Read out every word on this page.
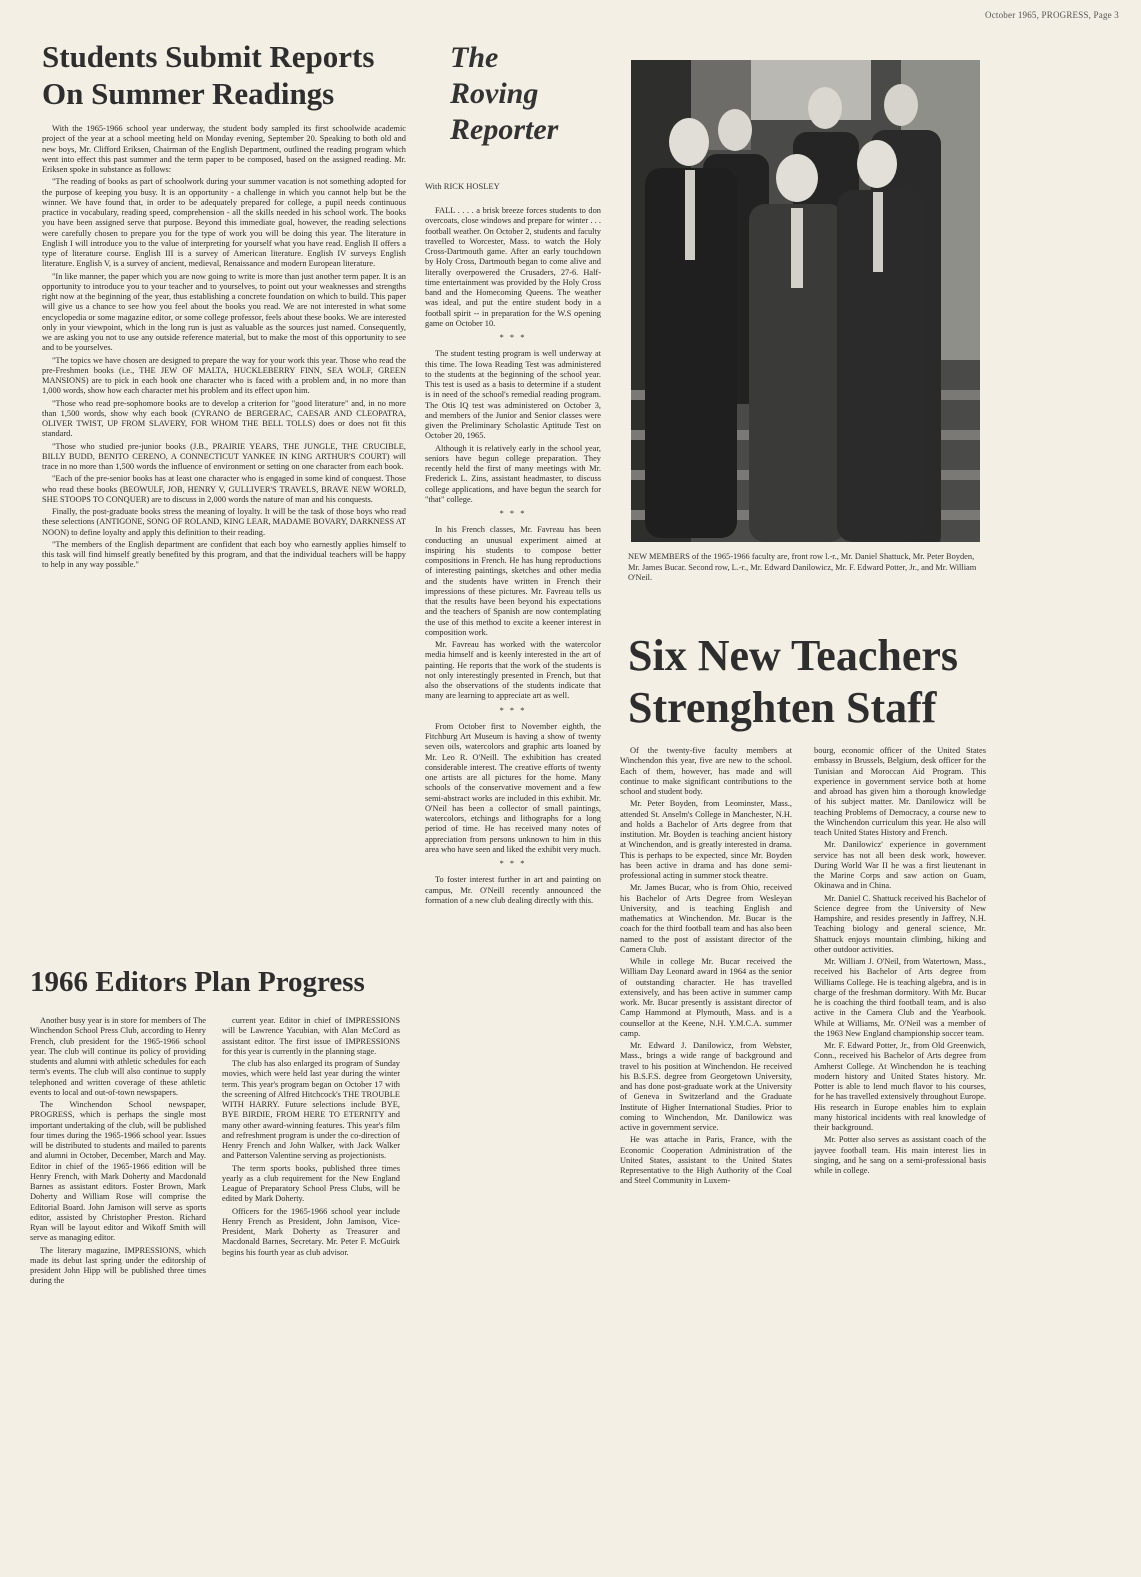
October 1965, PROGRESS, Page 3
Students Submit Reports
On Summer Readings

With the 1965-1966 school year underway, the student body sampled its first schoolwide academic project of the year at a school meeting held on Monday evening, September 20. Speaking to both old and new boys, Mr. Clifford Eriksen, Chairman of the English Department, outlined the reading program which went into effect this past summer and the term paper to be composed, based on the assigned reading. Mr. Eriksen spoke in substance as follows:

"The reading of books as part of schoolwork during your summer vacation is not something adopted for the purpose of keeping you busy. It is an opportunity - a challenge in which you cannot help but be the winner. We have found that, in order to be adequately prepared for college, a pupil needs continuous practice in vocabulary, reading speed, comprehension - all the skills needed in his school work. The books you have been assigned serve that purpose. Beyond this immediate goal, however, the reading selections were carefully chosen to prepare you for the type of work you will be doing this year. The literature in English I will introduce you to the value of interpreting for yourself what you have read. English II offers a type of literature course. English III is a survey of American literature. English IV surveys English literature. English V, is a survey of ancient, medieval, Renaissance and modern European literature.

"In like manner, the paper which you are now going to write is more than just another term paper. It is an opportunity to introduce you to your teacher and to yourselves, to point out your weaknesses and strengths right now at the beginning of the year, thus establishing a concrete foundation on which to build. This paper will give us a chance to see how you feel about the books you read. We are not interested in what some encyclopedia or some magazine editor, or some college professor, feels about these books. We are interested only in your viewpoint, which in the long run is just as valuable as the sources just named. Consequently, we are asking you not to use any outside reference material, but to make the most of this opportunity to see and to be yourselves.

"The topics we have chosen are designed to prepare the way for your work this year. Those who read the pre-Freshmen books (i.e., THE JEW OF MALTA, HUCKLEBERRY FINN, SEA WOLF, GREEN MANSIONS) are to pick in each book one character who is faced with a problem and, in no more than 1,000 words, show how each character met his problem and its effect upon him.

"Those who read pre-sophomore books are to develop a criterion for "good literature" and, in no more than 1,500 words, show why each book (CYRANO de BERGERAC, CAESAR AND CLEOPATRA, OLIVER TWIST, UP FROM SLAVERY, FOR WHOM THE BELL TOLLS) does or does not fit this standard.

"Those who studied pre-junior books (J.B., PRAIRIE YEARS, THE JUNGLE, THE CRUCIBLE, BILLY BUDD, BENITO CERENO, A CONNECTICUT YANKEE IN KING ARTHUR'S COURT) will trace in no more than 1,500 words the influence of environment or setting on one character from each book.

"Each of the pre-senior books has at least one character who is engaged in some kind of conquest. Those who read these books (BEOWULF, JOB, HENRY V, GULLIVER'S TRAVELS, BRAVE NEW WORLD, SHE STOOPS TO CONQUER) are to discuss in 2,000 words the nature of man and his conquests.

Finally, the post-graduate books stress the meaning of loyalty. It will be the task of those boys who read these selections (ANTIGONE, SONG OF ROLAND, KING LEAR, MADAME BOVARY, DARKNESS AT NOON) to define loyalty and apply this definition to their reading.

"The members of the English department are confident that each boy who earnestly applies himself to this task will find himself greatly benefited by this program, and that the individual teachers will be happy to help in any way possible."

The
Roving
Reporter
With RICK HOSLEY

FALL . . . . a brisk breeze forces students to don overcoats, close windows and prepare for winter . . . football weather. On October 2, students and faculty travelled to Worcester, Mass. to watch the Holy Cross-Dartmouth game. After an early touchdown by Holy Cross, Dartmouth began to come alive and literally overpowered the Crusaders, 27-6. Half-time entertainment was provided by the Holy Cross band and the Homecoming Queens. The weather was ideal, and put the entire student body in a football spirit -- in preparation for the W.S opening game on October 10.

* * *

The student testing program is well underway at this time. The Iowa Reading Test was administered to the students at the beginning of the school year. This test is used as a basis to determine if a student is in need of the school's remedial reading program. The Otis IQ test was administered on October 3, and members of the Junior and Senior classes were given the Preliminary Scholastic Aptitude Test on October 20, 1965.

Although it is relatively early in the school year, seniors have begun college preparation. They recently held the first of many meetings with Mr. Frederick L. Zins, assistant headmaster, to discuss college applications, and have begun the search for "that" college.

* * *

In his French classes, Mr. Favreau has been conducting an unusual experiment aimed at inspiring his students to compose better compositions in French. He has hung reproductions of interesting paintings, sketches and other media and the students have written in French their impressions of these pictures. Mr. Favreau tells us that the results have been beyond his expectations and the teachers of Spanish are now contemplating the use of this method to excite a keener interest in composition work.

Mr. Favreau has worked with the watercolor media himself and is keenly interested in the art of painting. He reports that the work of the students is not only interestingly presented in French, but that also the observations of the students indicate that many are learning to appreciate art as well.

* * *

From October first to November eighth, the Fitchburg Art Museum is having a show of twenty seven oils, watercolors and graphic arts loaned by Mr. Leo R. O'Neill. The exhibition has created considerable interest. The creative efforts of twenty one artists are all pictures for the home. Many schools of the conservative movement and a few semi-abstract works are included in this exhibit. Mr. O'Neil has been a collector of small paintings, watercolors, etchings and lithographs for a long period of time. He has received many notes of appreciation from persons unknown to him in this area who have seen and liked the exhibit very much.

* * *

To foster interest further in art and painting on campus, Mr. O'Neill recently announced the formation of a new club dealing directly with this.

1966 Editors Plan Progress

Another busy year is in store for members of The Winchendon School Press Club, according to Henry French, club president for the 1965-1966 school year. The club will continue its policy of providing students and alumni with athletic schedules for each term's events. The club will also continue to supply telephoned and written coverage of these athletic events to local and out-of-town newspapers.

The Winchendon School newspaper, PROGRESS, which is perhaps the single most important undertaking of the club, will be published four times during the 1965-1966 school year. Issues will be distributed to students and mailed to parents and alumni in October, December, March and May. Editor in chief of the 1965-1966 edition will be Henry French, with Mark Doherty and Macdonald Barnes as assistant editors. Foster Brown, Mark Doherty and William Rose will comprise the Editorial Board. John Jamison will serve as sports editor, assisted by Christopher Preston. Richard Ryan will be layout editor and Wikoff Smith will serve as managing editor.

The literary magazine, IMPRESSIONS, which made its debut last spring under the editorship of president John Hipp will be published three times during the

current year. Editor in chief of IMPRESSIONS will be Lawrence Yacubian, with Alan McCord as assistant editor. The first issue of IMPRESSIONS for this year is currently in the planning stage.

The club has also enlarged its program of Sunday movies, which were held last year during the winter term. This year's program began on October 17 with the screening of Alfred Hitchcock's THE TROUBLE WITH HARRY. Future selections include BYE, BYE BIRDIE, FROM HERE TO ETERNITY and many other award-winning features. This year's film and refreshment program is under the co-direction of Henry French and John Walker, with Jack Walker and Patterson Valentine serving as projectionists.

The term sports books, published three times yearly as a club requirement for the New England League of Preparatory School Press Clubs, will be edited by Mark Doherty.

Officers for the 1965-1966 school year include Henry French as President, John Jamison, Vice-President, Mark Doherty as Treasurer and Macdonald Barnes, Secretary. Mr. Peter F. McGuirk begins his fourth year as club advisor.

NEW MEMBERS of the 1965-1966 faculty are, front row l.-r., Mr. Daniel Shattuck, Mr. Peter Boyden, Mr. James Bucar. Second row, L.-r., Mr. Edward Danilowicz, Mr. F. Edward Potter, Jr., and Mr. William O'Neil.
Six New Teachers
Strenghten Staff

Of the twenty-five faculty members at Winchendon this year, five are new to the school. Each of them, however, has made and will continue to make significant contributions to the school and student body.

Mr. Peter Boyden, from Leominster, Mass., attended St. Anselm's College in Manchester, N.H. and holds a Bachelor of Arts degree from that institution. Mr. Boyden is teaching ancient history at Winchendon, and is greatly interested in drama. This is perhaps to be expected, since Mr. Boyden has been active in drama and has done semi-professional acting in summer stock theatre.

Mr. James Bucar, who is from Ohio, received his Bachelor of Arts Degree from Wesleyan University, and is teaching English and mathematics at Winchendon. Mr. Bucar is the coach for the third football team and has also been named to the post of assistant director of the Camera Club.

While in college Mr. Bucar received the William Day Leonard award in 1964 as the senior of outstanding character. He has travelled extensively, and has been active in summer camp work. Mr. Bucar presently is assistant director of Camp Hammond at Plymouth, Mass. and is a counsellor at the Keene, N.H. Y.M.C.A. summer camp.

Mr. Edward J. Danilowicz, from Webster, Mass., brings a wide range of background and travel to his position at Winchendon. He received his B.S.F.S. degree from Georgetown University, and has done post-graduate work at the University of Geneva in Switzerland and the Graduate Institute of Higher International Studies. Prior to coming to Winchendon, Mr. Danilowicz was active in government service.

He was attache in Paris, France, with the Economic Cooperation Administration of the United States, assistant to the United States Representative to the High Authority of the Coal and Steel Community in Luxem-

bourg, economic officer of the United States embassy in Brussels, Belgium, desk officer for the Tunisian and Moroccan Aid Program. This experience in government service both at home and abroad has given him a thorough knowledge of his subject matter. Mr. Danilowicz will be teaching Problems of Democracy, a course new to the Winchendon curriculum this year. He also will teach United States History and French.

Mr. Danilowicz' experience in government service has not all been desk work, however. During World War II he was a first lieutenant in the Marine Corps and saw action on Guam, Okinawa and in China.

Mr. Daniel C. Shattuck received his Bachelor of Science degree from the University of New Hampshire, and resides presently in Jaffrey, N.H. Teaching biology and general science, Mr. Shattuck enjoys mountain climbing, hiking and other outdoor activities.

Mr. William J. O'Neil, from Watertown, Mass., received his Bachelor of Arts degree from Williams College. He is teaching algebra, and is in charge of the freshman dormitory. With Mr. Bucar he is coaching the third football team, and is also active in the Camera Club and the Yearbook. While at Williams, Mr. O'Neil was a member of the 1963 New England championship soccer team.

Mr. F. Edward Potter, Jr., from Old Greenwich, Conn., received his Bachelor of Arts degree from Amherst College. At Winchendon he is teaching modern history and United States history. Mr. Potter is able to lend much flavor to his courses, for he has travelled extensively throughout Europe. His research in Europe enables him to explain many historical incidents with real knowledge of their background.

Mr. Potter also serves as assistant coach of the jayvee football team. His main interest lies in singing, and he sang on a semi-professional basis while in college.
